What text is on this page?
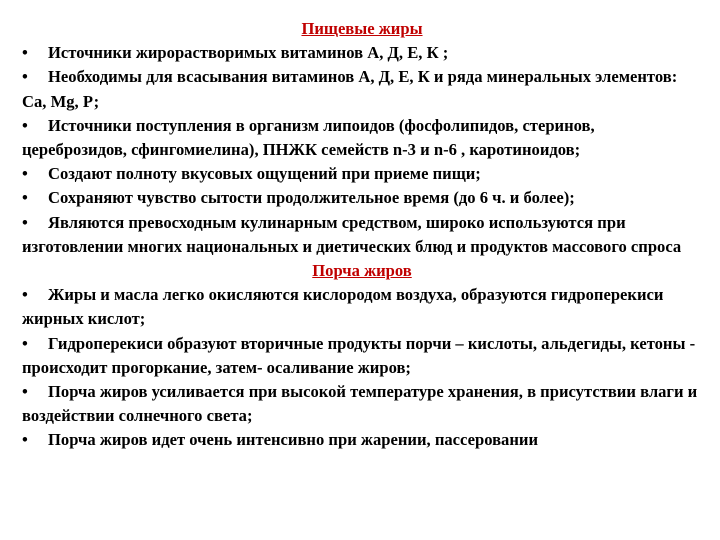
Пищевые жиры

• Источники жирорастворимых витаминов А, Д, Е, К ;

• Необходимы для всасывания витаминов А, Д, Е, К и ряда минеральных элементов: Са, Mg, Р;

• Источники поступления в организм липоидов (фосфолипидов, стеринов, цереброзидов, сфингомиелина), ПНЖК семейств n-3 и n-6 , каротиноидов;

• Создают полноту вкусовых ощущений при приеме пищи;

• Сохраняют чувство сытости продолжительное время (до 6 ч. и более);

• Являются превосходным кулинарным средством, широко используются при изготовлении многих национальных и диетических блюд и продуктов массового спроса

Порча жиров

• Жиры и масла легко окисляются кислородом воздуха, образуются гидроперекиси жирных кислот;

• Гидроперекиси образуют вторичные продукты порчи – кислоты, альдегиды, кетоны - происходит прогоркание, затем- осаливание жиров;

• Порча жиров усиливается при высокой температуре хранения, в присутствии влаги и воздействии солнечного света;

• Порча жиров идет очень интенсивно при жарении, пассеровании
